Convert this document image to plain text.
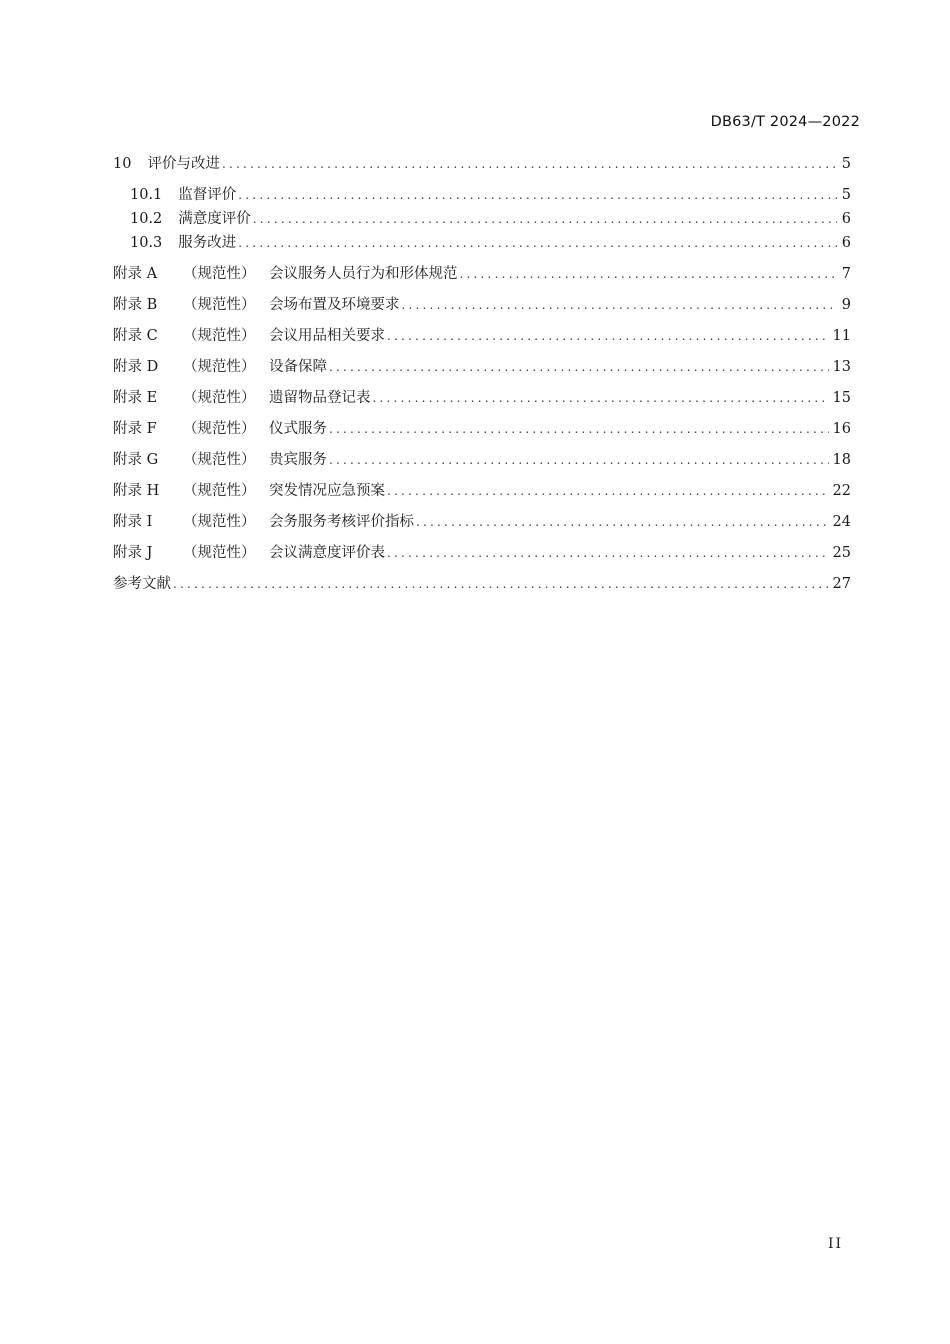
DB63/T 2024—2022
10 评价与改进 .....	5
10.1 监督评价 .....	5
10.2 满意度评价 .....	6
10.3 服务改进 .....	6
附录 A	（规范性） 会议服务人员行为和形体规范 .....	7
附录 B	（规范性） 会场布置及环境要求 .....	9
附录 C	（规范性） 会议用品相关要求 .....	11
附录 D	（规范性） 设备保障 .....	13
附录 E	（规范性） 遗留物品登记表 .....	15
附录 F	（规范性） 仪式服务 .....	16
附录 G	（规范性） 贵宾服务 .....	18
附录 H	（规范性） 突发情况应急预案 .....	22
附录 I	（规范性） 会务服务考核评价指标 .....	24
附录 J	（规范性） 会议满意度评价表 .....	25
参考文献 .....	27
II
